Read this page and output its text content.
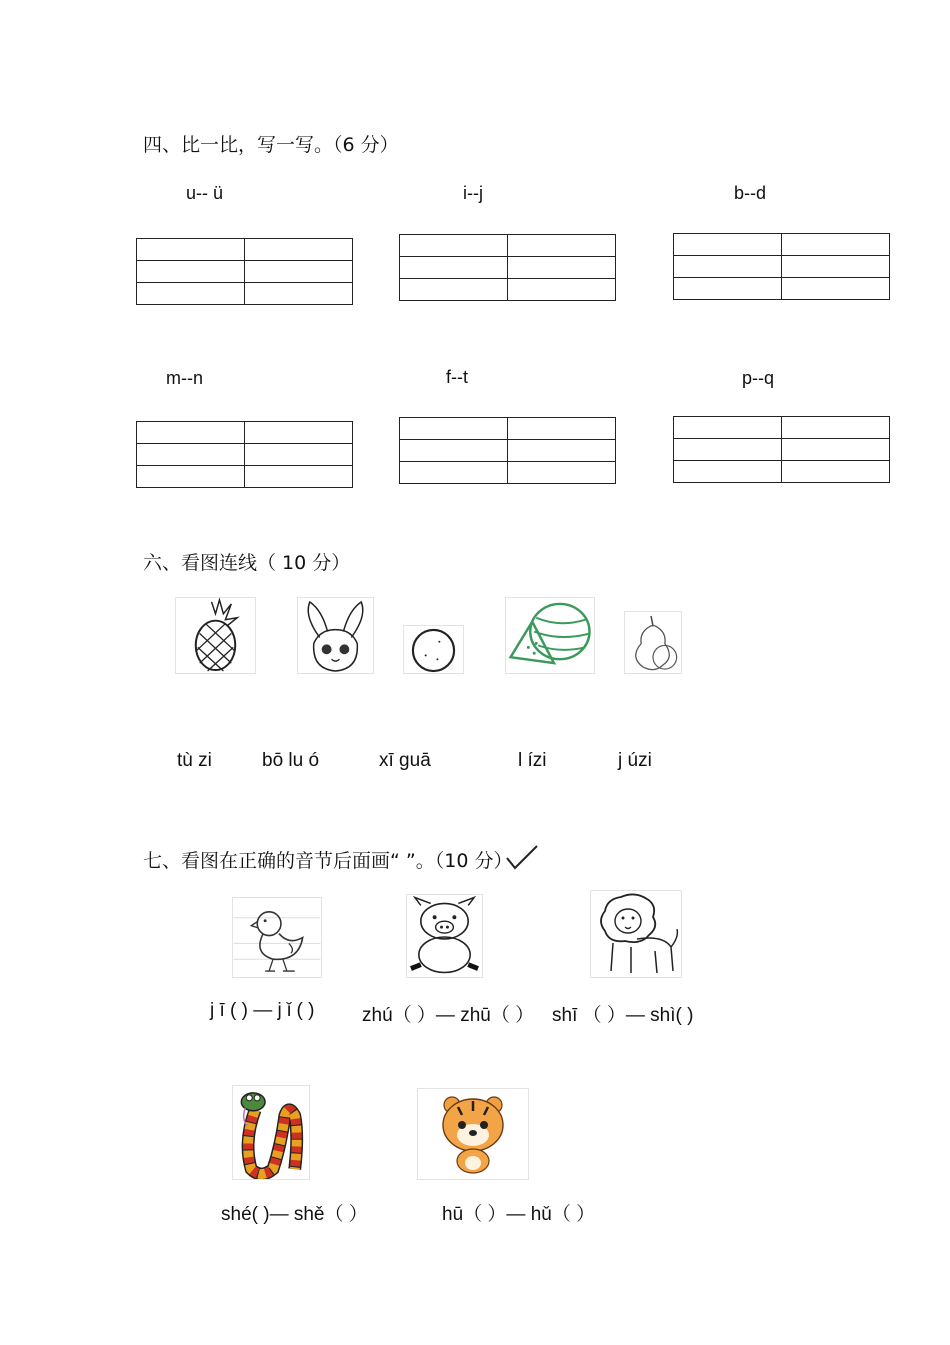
四、比一比，写一写。（6 分）
u-- ü	i--j	b--d

m--n	f--t	p--q

六、看图连线（ 10 分）
tù zi	bō lu ó	xī guā	l ízi	j úzi
七、看图在正确的音节后面画“ ”。（10 分）
j ī ( ) — j ǐ ( )	zhú（ ）— zhū（ ） shī （ ）— shì( )
shé( )— shě（ ）	hū（ ）— hǔ（ ）
